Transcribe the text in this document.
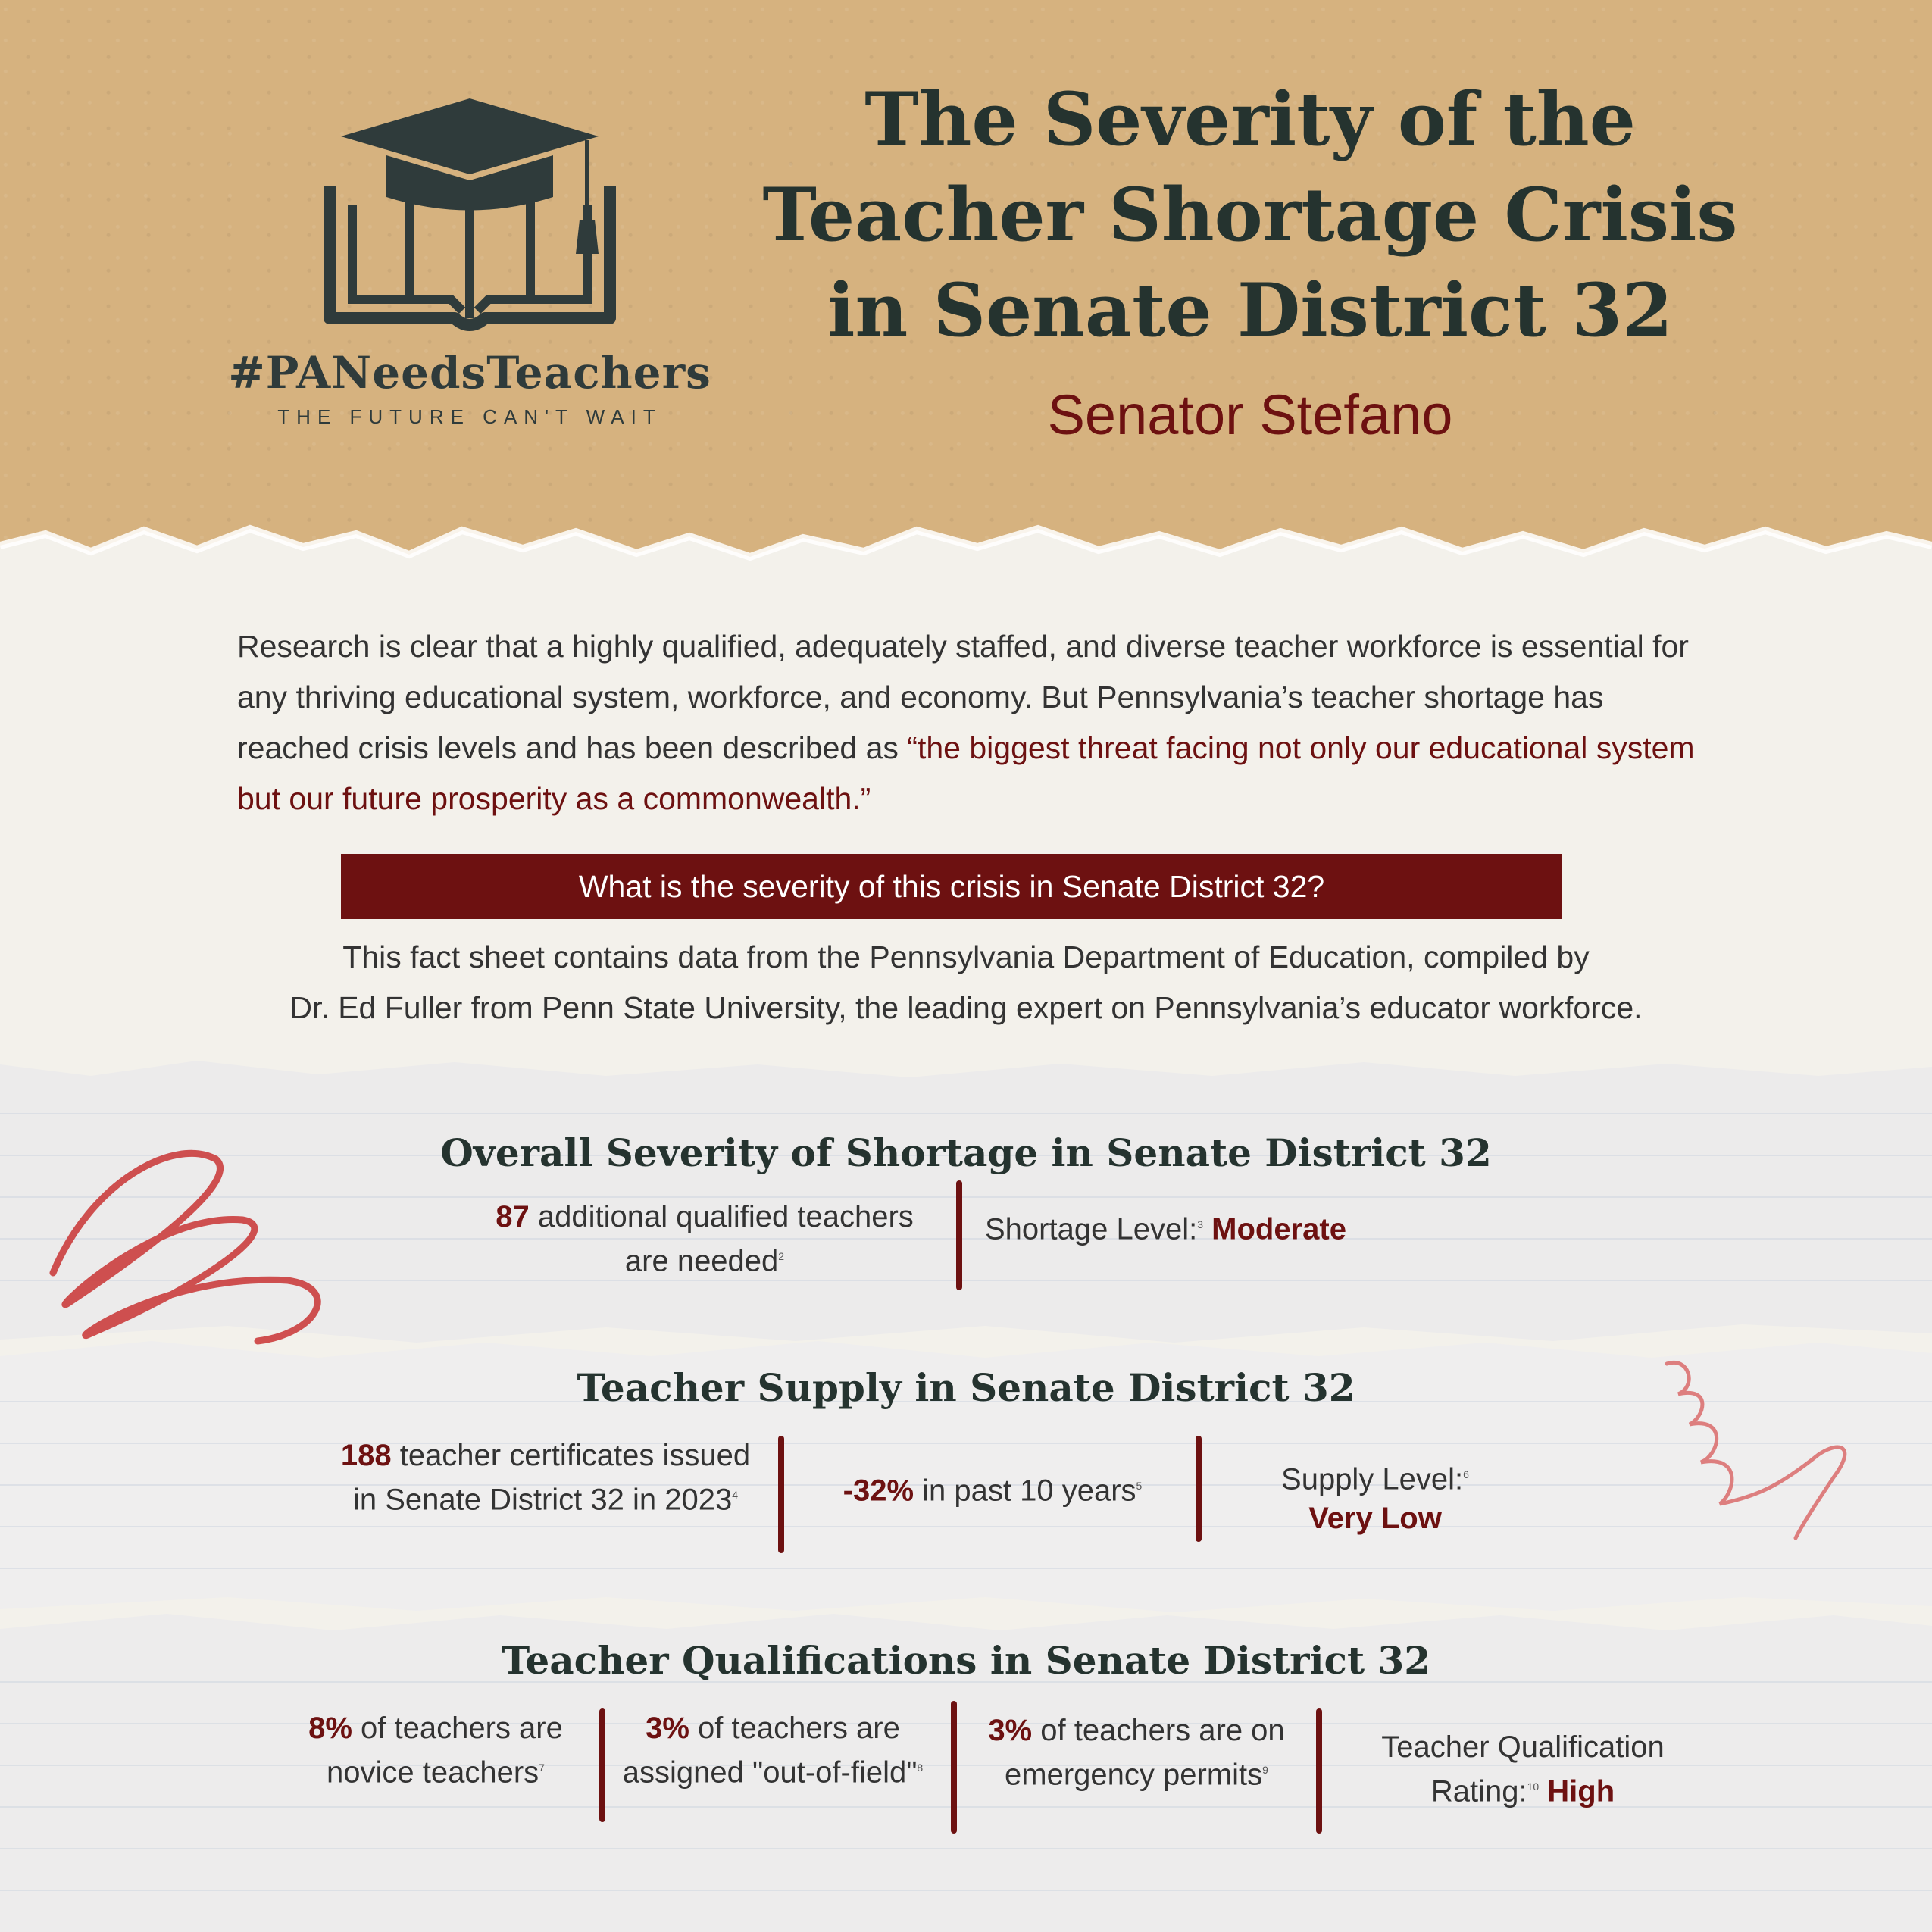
#PANeedsTeachers
THE FUTURE CAN'T WAIT
The Severity of the
Teacher Shortage Crisis
in Senate District 32
Senator Stefano
Research is clear that a highly qualified, adequately staffed, and diverse teacher workforce is essential for any thriving educational system, workforce, and economy. But Pennsylvania’s teacher shortage has reached crisis levels and has been described as “the biggest threat facing not only our educational system but our future prosperity as a commonwealth.”
What is the severity of this crisis in Senate District 32?
This fact sheet contains data from the Pennsylvania Department of Education, compiled by
Dr. Ed Fuller from Penn State University, the leading expert on Pennsylvania’s educator workforce.
Overall Severity of Shortage in Senate District 32
87 additional qualified teachers are needed$^2$
Shortage Level:$^3$ Moderate
Teacher Supply in Senate District 32
188 teacher certificates issued in Senate District 32 in 2023$^4$	-32% in past 10 years$^5$	Supply Level:$^6$
Very Low
Teacher Qualifications in Senate District 32
8% of teachers are novice teachers$^7$
3% of teachers are assigned "out-of-field"$^8$
3% of teachers are on emergency permits$^9$
Teacher Qualification Rating:$^{10}$ High
